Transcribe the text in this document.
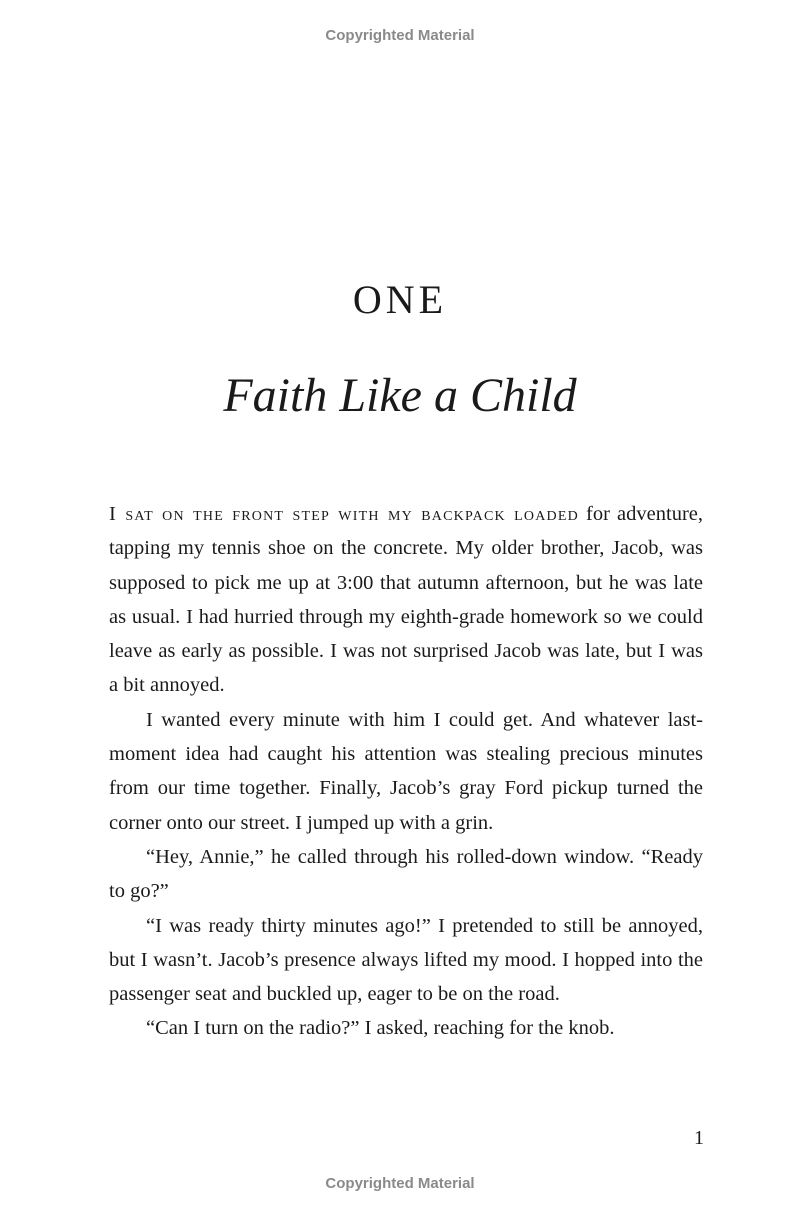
Copyrighted Material
ONE
Faith Like a Child

I sat on the front step with my backpack loaded for adventure, tapping my tennis shoe on the concrete. My older brother, Jacob, was supposed to pick me up at 3:00 that autumn afternoon, but he was late as usual. I had hurried through my eighth-grade homework so we could leave as early as possible. I was not surprised Jacob was late, but I was a bit annoyed.

I wanted every minute with him I could get. And whatever last-moment idea had caught his attention was stealing precious minutes from our time together. Finally, Jacob’s gray Ford pickup turned the corner onto our street. I jumped up with a grin.

“Hey, Annie,” he called through his rolled-down window. “Ready to go?”

“I was ready thirty minutes ago!” I pretended to still be annoyed, but I wasn’t. Jacob’s presence always lifted my mood. I hopped into the passenger seat and buckled up, eager to be on the road.

“Can I turn on the radio?” I asked, reaching for the knob.

1
Copyrighted Material
